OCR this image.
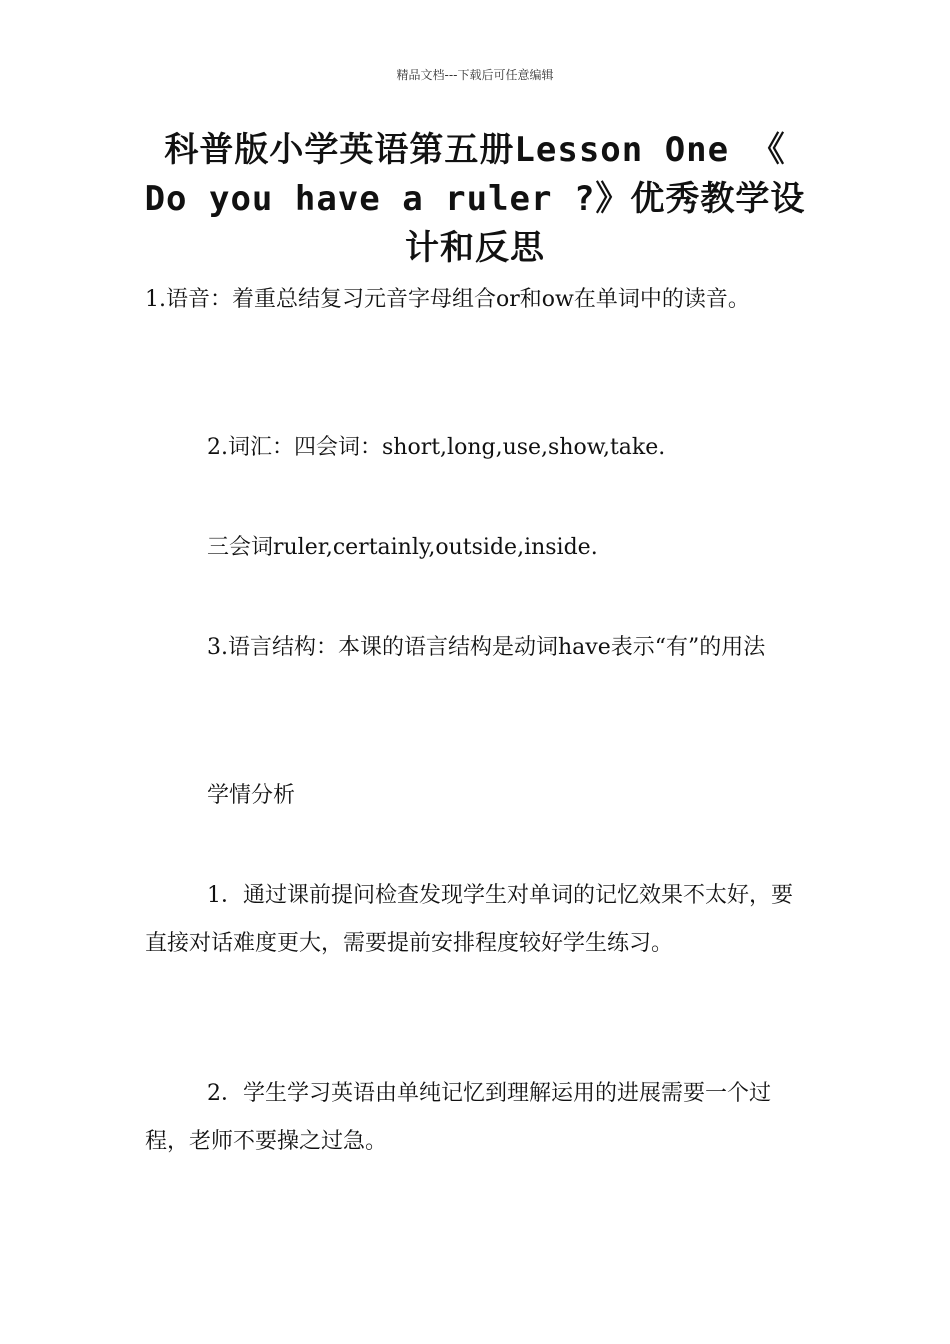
精品文档---下载后可任意编辑
科普版小学英语第五册Lesson One 《
Do you have a ruler ?》优秀教学设
计和反思

1.语音：着重总结复习元音字母组合or和ow在单词中的读音。

2.词汇：四会词：short,long,use,show,take.

三会词ruler,certainly,outside,inside.

3.语言结构：本课的语言结构是动词have表示“有”的用法

学情分析

1．通过课前提问检查发现学生对单词的记忆效果不太好，要直接对话难度更大，需要提前安排程度较好学生练习。

2．学生学习英语由单纯记忆到理解运用的进展需要一个过程，老师不要操之过急。
